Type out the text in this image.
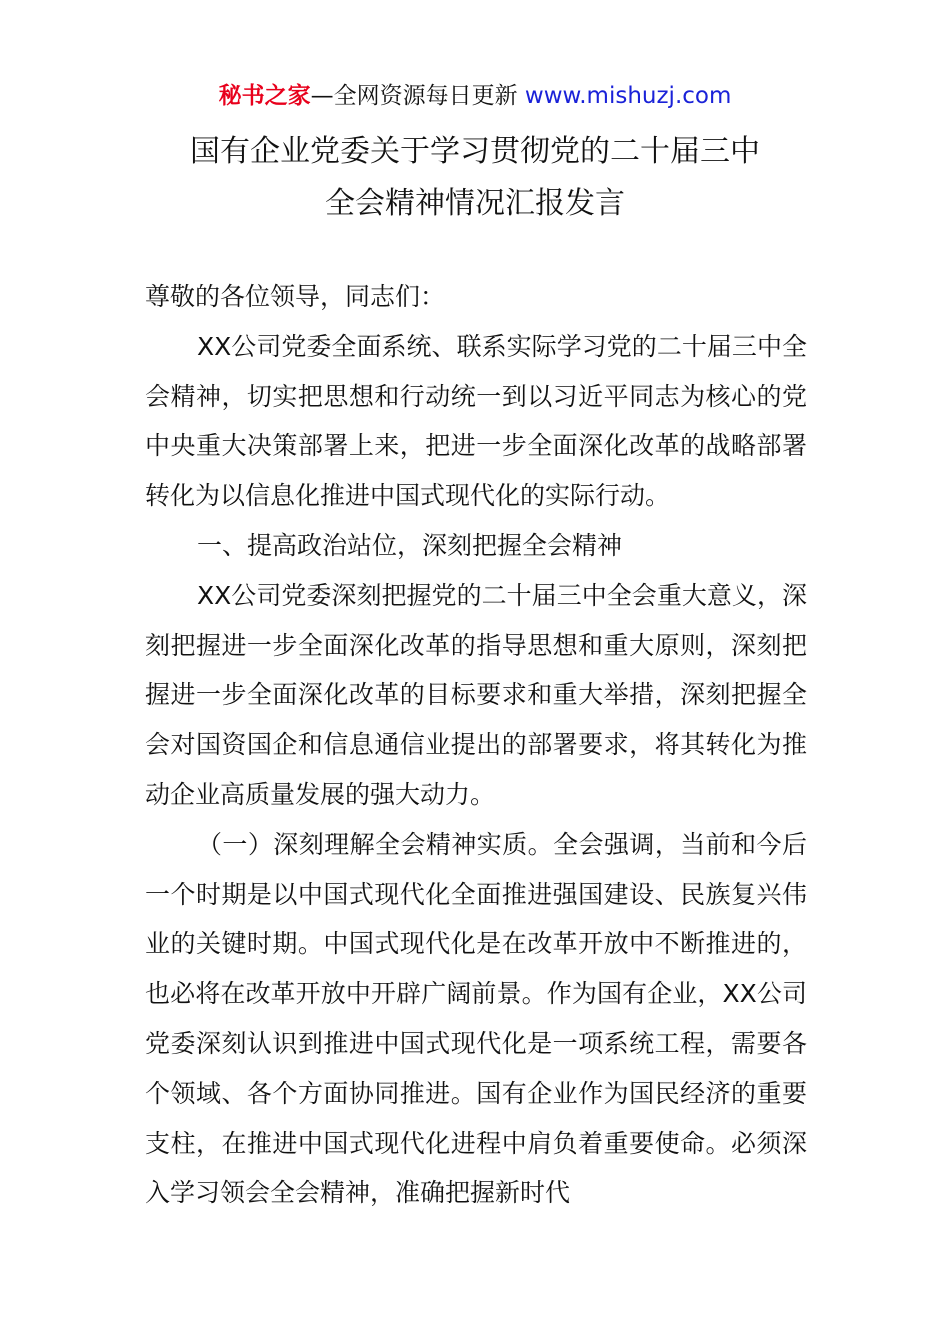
秘书之家—全网资源每日更新 www.mishuzj.com
国有企业党委关于学习贯彻党的二十届三中
全会精神情况汇报发言

尊敬的各位领导，同志们：

XX公司党委全面系统、联系实际学习党的二十届三中全会精神，切实把思想和行动统一到以习近平同志为核心的党中央重大决策部署上来，把进一步全面深化改革的战略部署转化为以信息化推进中国式现代化的实际行动。

一、提高政治站位，深刻把握全会精神

XX公司党委深刻把握党的二十届三中全会重大意义，深刻把握进一步全面深化改革的指导思想和重大原则，深刻把握进一步全面深化改革的目标要求和重大举措，深刻把握全会对国资国企和信息通信业提出的部署要求，将其转化为推动企业高质量发展的强大动力。

（一）深刻理解全会精神实质。全会强调，当前和今后一个时期是以中国式现代化全面推进强国建设、民族复兴伟业的关键时期。中国式现代化是在改革开放中不断推进的，也必将在改革开放中开辟广阔前景。作为国有企业，XX公司党委深刻认识到推进中国式现代化是一项系统工程，需要各个领域、各个方面协同推进。国有企业作为国民经济的重要支柱，在推进中国式现代化进程中肩负着重要使命。必须深入学习领会全会精神，准确把握新时代
